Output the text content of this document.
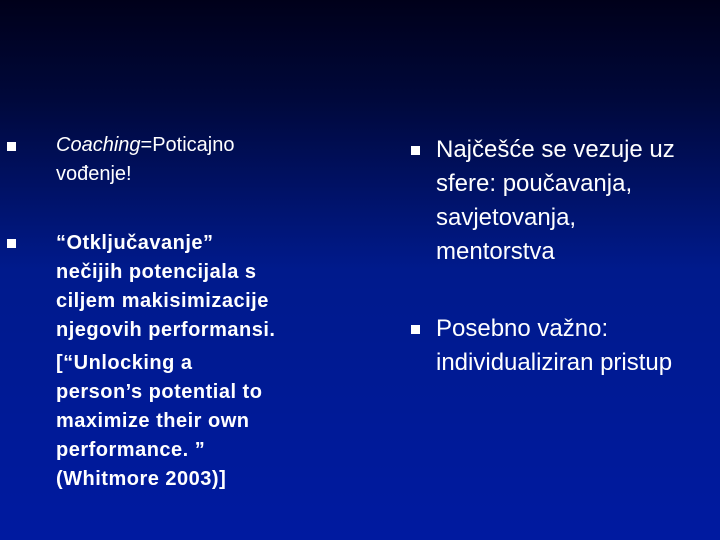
Coaching=Poticajno
vođenje!
“Otključavanje”
nečijih potencijala s
ciljem makisimizacije
njegovih performansi.
[“Unlocking a
person’s potential to
maximize their own
performance. ”
(Whitmore 2003)]
Najčešće se vezuje uz
sfere: poučavanja,
savjetovanja,
mentorstva
Posebno važno:
individualiziran pristup
